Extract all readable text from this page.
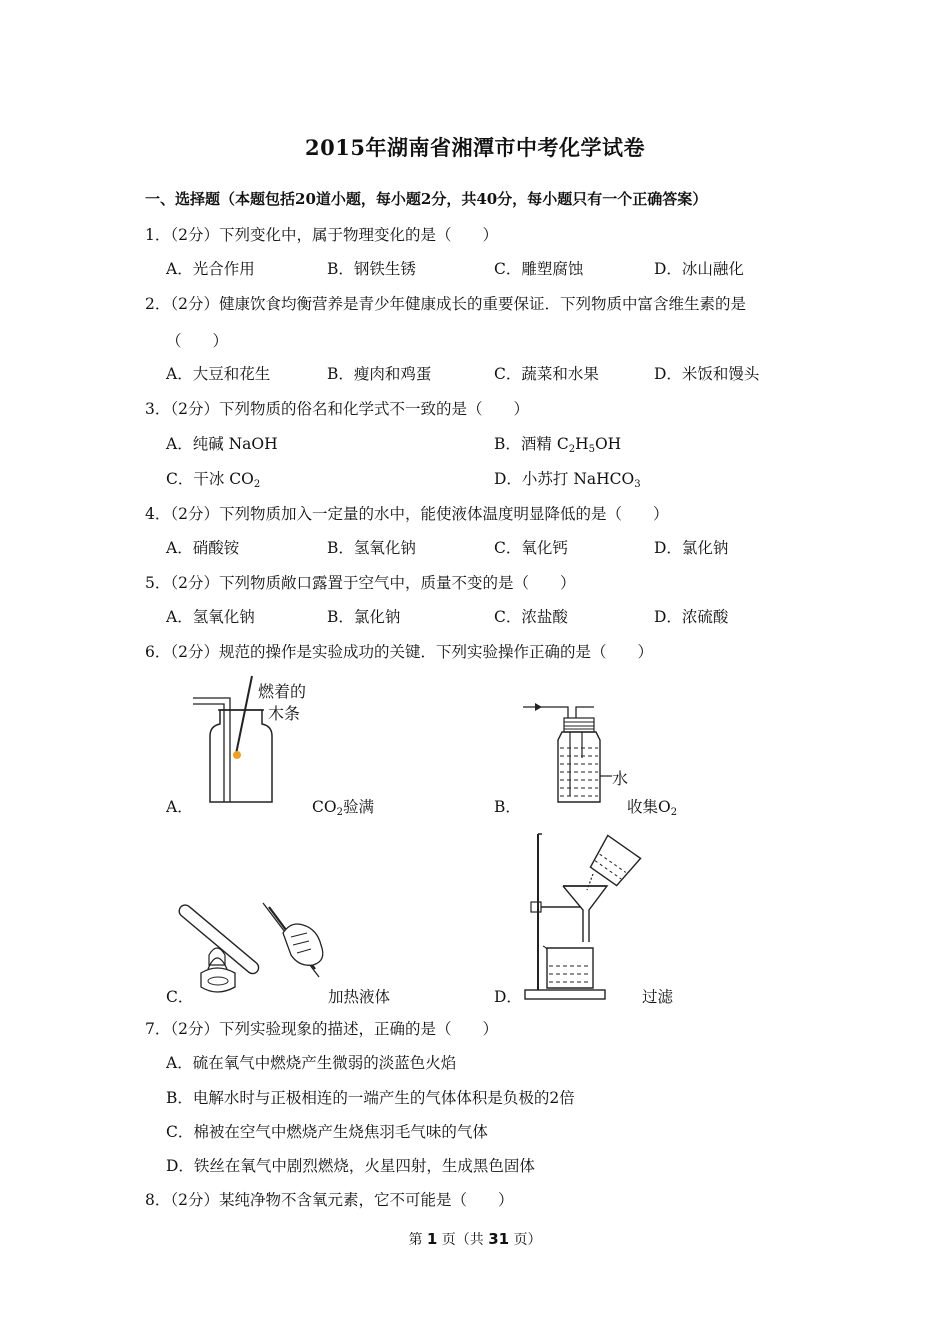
2015年湖南省湘潭市中考化学试卷
一、选择题（本题包括20道小题，每小题2分，共40分，每小题只有一个正确答案）
1．（2分）下列变化中，属于物理变化的是（　　）
A．光合作用	B．钢铁生锈	C．雕塑腐蚀	D．冰山融化
2．（2分）健康饮食均衡营养是青少年健康成长的重要保证．下列物质中富含维生素的是
（　　）
A．大豆和花生	B．瘦肉和鸡蛋	C．蔬菜和水果	D．米饭和馒头
3．（2分）下列物质的俗名和化学式不一致的是（　　）
A．纯碱 NaOH	B．酒精 $C_2H_5OH$
C．干冰 $CO_2$	D．小苏打 NaHCO$_3$
4．（2分）下列物质加入一定量的水中，能使液体温度明显降低的是（　　）
A．硝酸铵	B．氢氧化钠	C．氧化钙	D．氯化钠
5．（2分）下列物质敞口露置于空气中，质量不变的是（　　）
A．氢氧化钠	B．氯化钠	C．浓盐酸	D．浓硫酸
6．（2分）规范的操作是实验成功的关键．下列实验操作正确的是（　　）
燃着的
木条
A．	$CO_2$验满
水
B．	收集$O_2$
C．	加热液体	D．	过滤
7．（2分）下列实验现象的描述，正确的是（　　）
A．硫在氧气中燃烧产生微弱的淡蓝色火焰
B．电解水时与正极相连的一端产生的气体体积是负极的2倍
C．棉被在空气中燃烧产生烧焦羽毛气味的气体
D．铁丝在氧气中剧烈燃烧，火星四射，生成黑色固体
8．（2分）某纯净物不含氧元素，它不可能是（　　）
第 1 页（共 31 页）
